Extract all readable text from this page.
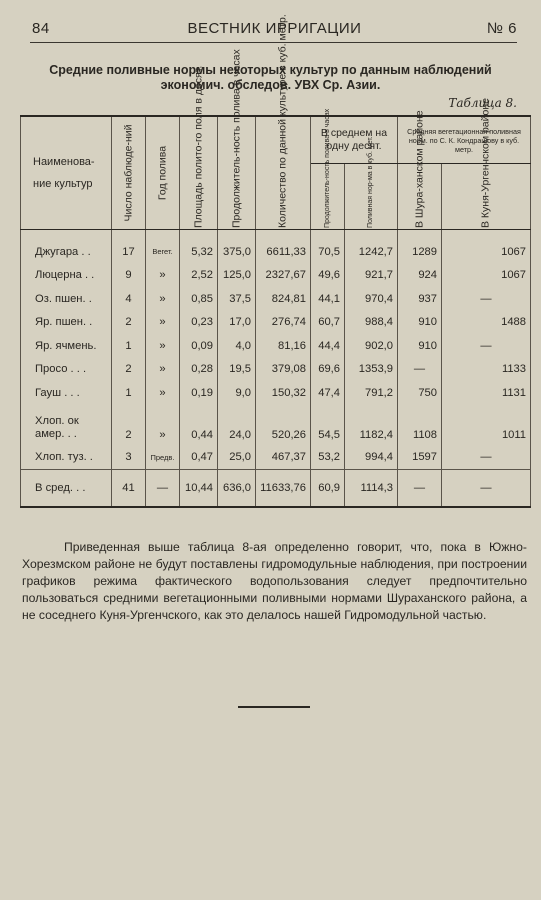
84	ВЕСТНИК ИРРИГАЦИИ	№ 6
Средние поливные нормы некоторых культур по данным наблюдений
экономич. обследов. УВХ Ср. Азии.
Таблица 8.
Наименова-ние культур	Число наблюде-ний	Год полива	Площадь полито-го поля в десят.	Продолжитель-ность полива в часах	Количество по данной культуре в куб. метр.	В среднем на одну десят.		Средняя вегетационная поливная норм. по С. К. Кондрашову в куб. метр.	

						Продолжитель-ность полива в часах	Поливная нор-ма в куб. мет.	В Шура-ханском районе	В Куня-Ургенчском районе

Джугара . .	17	Вегет.	5,32	375,0	6611,33	70,5	1242,7	1289	1067
Люцерна . .	9	»	2,52	125,0	2327,67	49,6	921,7	924	1067
Оз. пшен. .	4	»	0,85	37,5	824,81	44,1	970,4	937	—
Яр. пшен. .	2	»	0,23	17,0	276,74	60,7	988,4	910	1488
Яр. ячмень.	1	»	0,09	4,0	81,16	44,4	902,0	910	—
Просо . . .	2	»	0,28	19,5	379,08	69,6	1353,9	—	1133
Гауш . . .	1	»	0,19	9,0	150,32	47,4	791,2	750	1131
Хлоп. ок амер. . .	2	»	0,44	24,0	520,26	54,5	1182,4	1108	1011
Хлоп. туз. .	3	Предв.	0,47	25,0	467,37	53,2	994,4	1597	—
В сред. . .	41	—	10,44	636,0	11633,76	60,9	1114,3	—	—

Приведенная выше таблица 8-ая определенно говорит, что, пока в Южно-Хорезмском районе не будут поставлены гидромодульные наблюдения, при построении графиков режима фактического водопользования следует предпочтительно пользоваться средними вегетационными поливными нормами Шураханского района, а не соседнего Куня-Ургенчского, как это делалось нашей Гидромодульной частью.
